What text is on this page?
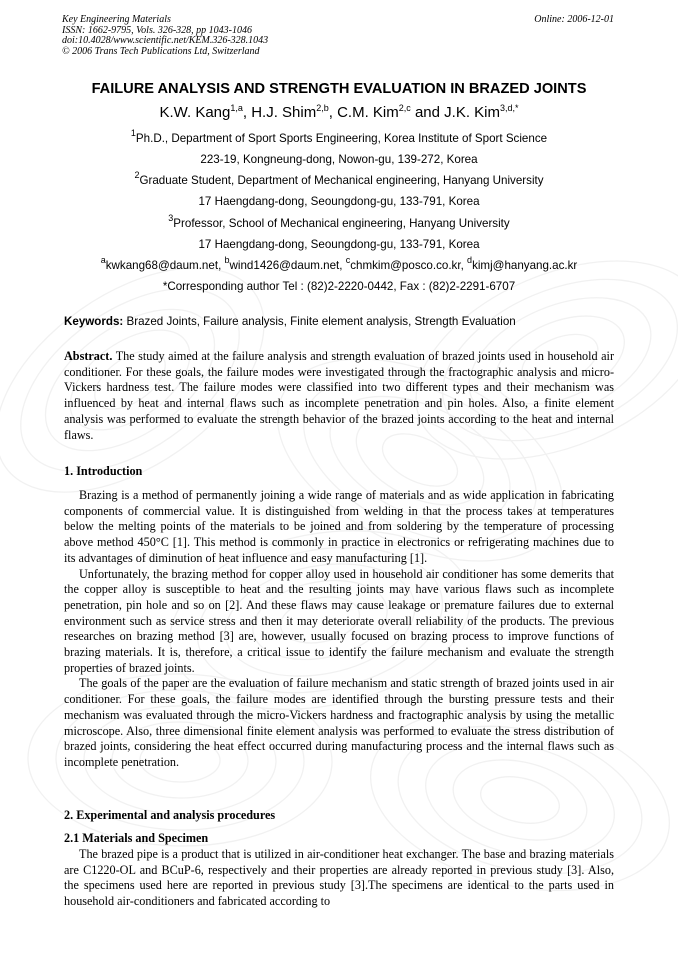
Key Engineering Materials
ISSN: 1662-9795, Vols. 326-328, pp 1043-1046
doi:10.4028/www.scientific.net/KEM.326-328.1043
© 2006 Trans Tech Publications Ltd, Switzerland
Online: 2006-12-01
FAILURE ANALYSIS AND STRENGTH EVALUATION IN BRAZED JOINTS
K.W. Kang$^{1,a}$, H.J. Shim$^{2,b}$, C.M. Kim$^{2,c}$ and J.K. Kim$^{3,d,*}$
$^1$Ph.D., Department of Sport Sports Engineering, Korea Institute of Sport Science
223-19, Kongneung-dong, Nowon-gu, 139-272, Korea
$^2$Graduate Student, Department of Mechanical engineering, Hanyang University
17 Haengdang-dong, Seoungdong-gu, 133-791, Korea
$^3$Professor, School of Mechanical engineering, Hanyang University
17 Haengdang-dong, Seoungdong-gu, 133-791, Korea
$^a$kwkang68@daum.net, $^b$wind1426@daum.net, $^c$chmkim@posco.co.kr, $^d$kimj@hanyang.ac.kr
*Corresponding author Tel : (82)2-2220-0442, Fax : (82)2-2291-6707
Keywords: Brazed Joints, Failure analysis, Finite element analysis, Strength Evaluation

Abstract. The study aimed at the failure analysis and strength evaluation of brazed joints used in household air conditioner. For these goals, the failure modes were investigated through the fractographic analysis and micro-Vickers hardness test. The failure modes were classified into two different types and their mechanism was influenced by heat and internal flaws such as incomplete penetration and pin holes. Also, a finite element analysis was performed to evaluate the strength behavior of the brazed joints according to the heat and internal flaws.

1. Introduction

Brazing is a method of permanently joining a wide range of materials and as wide application in fabricating components of commercial value. It is distinguished from welding in that the process takes at temperatures below the melting points of the materials to be joined and from soldering by the temperature of processing above method 450°C [1]. This method is commonly in practice in electronics or refrigerating machines due to its advantages of diminution of heat influence and easy manufacturing [1].

Unfortunately, the brazing method for copper alloy used in household air conditioner has some demerits that the copper alloy is susceptible to heat and the resulting joints may have various flaws such as incomplete penetration, pin hole and so on [2]. And these flaws may cause leakage or premature failures due to external environment such as service stress and then it may deteriorate overall reliability of the products. The previous researches on brazing method [3] are, however, usually focused on brazing process to improve functions of brazing materials. It is, therefore, a critical issue to identify the failure mechanism and evaluate the strength properties of brazed joints.

The goals of the paper are the evaluation of failure mechanism and static strength of brazed joints used in air conditioner. For these goals, the failure modes are identified through the bursting pressure tests and their mechanism was evaluated through the micro-Vickers hardness and fractographic analysis by using the metallic microscope. Also, three dimensional finite element analysis was performed to evaluate the stress distribution of brazed joints, considering the heat effect occurred during manufacturing process and the internal flaws such as incomplete penetration.

2. Experimental and analysis procedures
2.1 Materials and Specimen

The brazed pipe is a product that is utilized in air-conditioner heat exchanger. The base and brazing materials are C1220-OL and BCuP-6, respectively and their properties are already reported in previous study [3]. Also, the specimens used here are reported in previous study [3].The specimens are identical to the parts used in household air-conditioners and fabricated according to
